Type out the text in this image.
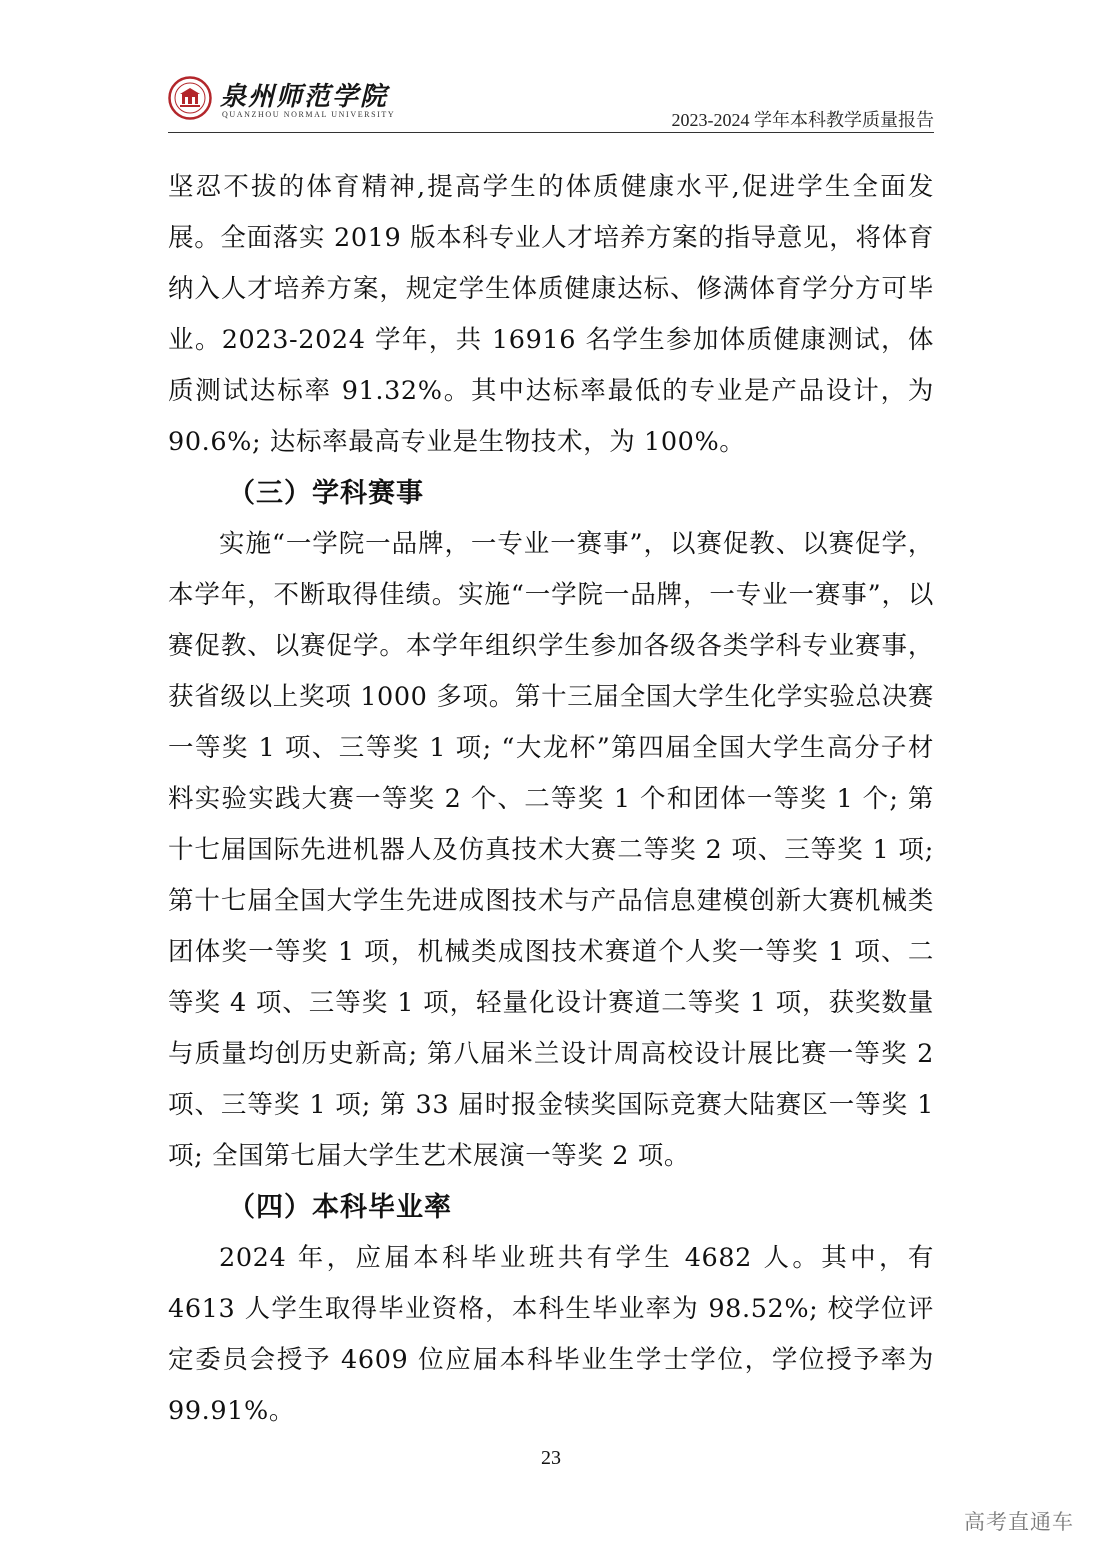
泉州师范学院
QUANZHOU NORMAL UNIVERSITY	2023-2024 学年本科教学质量报告

坚忍不拔的体育精神,提高学生的体质健康水平,促进学生全面发展。全面落实 2019 版本科专业人才培养方案的指导意见，将体育纳入人才培养方案，规定学生体质健康达标、修满体育学分方可毕业。2023-2024 学年，共 16916 名学生参加体质健康测试，体质测试达标率 91.32%。其中达标率最低的专业是产品设计，为 90.6%; 达标率最高专业是生物技术，为 100%。

（三）学科赛事

实施“一学院一品牌，一专业一赛事”，以赛促教、以赛促学，本学年，不断取得佳绩。实施“一学院一品牌，一专业一赛事”，以赛促教、以赛促学。本学年组织学生参加各级各类学科专业赛事，获省级以上奖项 1000 多项。第十三届全国大学生化学实验总决赛一等奖 1 项、三等奖 1 项; “大龙杯”第四届全国大学生高分子材料实验实践大赛一等奖 2 个、二等奖 1 个和团体一等奖 1 个; 第十七届国际先进机器人及仿真技术大赛二等奖 2 项、三等奖 1 项; 第十七届全国大学生先进成图技术与产品信息建模创新大赛机械类团体奖一等奖 1 项，机械类成图技术赛道个人奖一等奖 1 项、二等奖 4 项、三等奖 1 项，轻量化设计赛道二等奖 1 项，获奖数量与质量均创历史新高; 第八届米兰设计周高校设计展比赛一等奖 2 项、三等奖 1 项; 第 33 届时报金犊奖国际竞赛大陆赛区一等奖 1 项; 全国第七届大学生艺术展演一等奖 2 项。

（四）本科毕业率

2024 年，应届本科毕业班共有学生 4682 人。其中，有 4613 人学生取得毕业资格，本科生毕业率为 98.52%; 校学位评定委员会授予 4609 位应届本科毕业生学士学位，学位授予率为 99.91%。

23
高考直通车
